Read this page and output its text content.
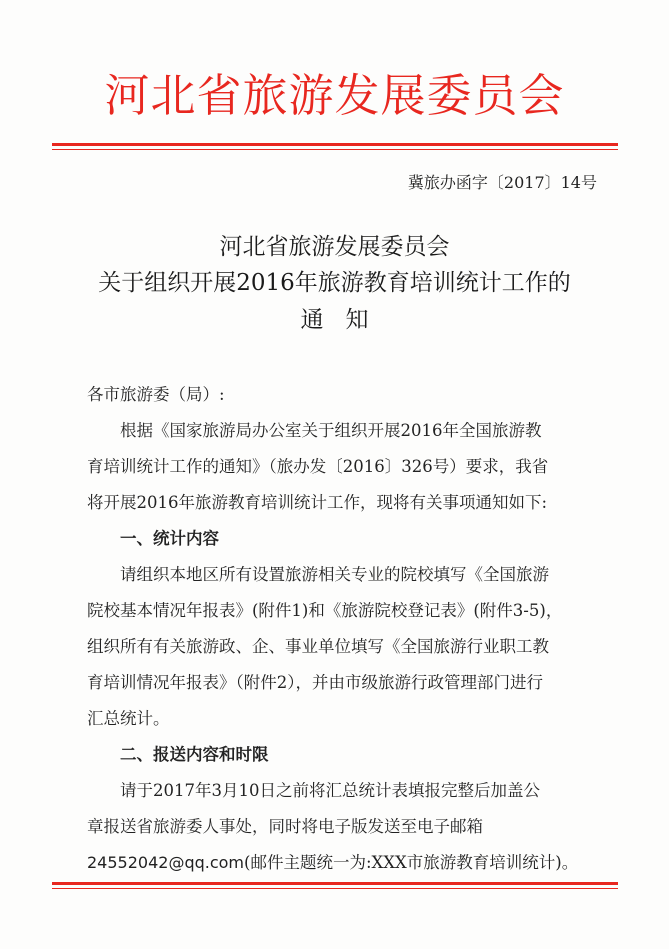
河北省旅游发展委员会
冀旅办函字〔2017〕14号
河北省旅游发展委员会
关于组织开展2016年旅游教育培训统计工作的
通知
各市旅游委（局）:
根据《国家旅游局办公室关于组织开展2016年全国旅游教
育培训统计工作的通知》（旅办发〔2016〕326号）要求，我省
将开展2016年旅游教育培训统计工作，现将有关事项通知如下:
一、统计内容
请组织本地区所有设置旅游相关专业的院校填写《全国旅游
院校基本情况年报表》(附件1)和《旅游院校登记表》(附件3-5)，
组织所有有关旅游政、企、事业单位填写《全国旅游行业职工教
育培训情况年报表》（附件2），并由市级旅游行政管理部门进行
汇总统计。
二、报送内容和时限
请于2017年3月10日之前将汇总统计表填报完整后加盖公
章报送省旅游委人事处，同时将电子版发送至电子邮箱
24552042@qq.com(邮件主题统一为:XXX市旅游教育培训统计)。
